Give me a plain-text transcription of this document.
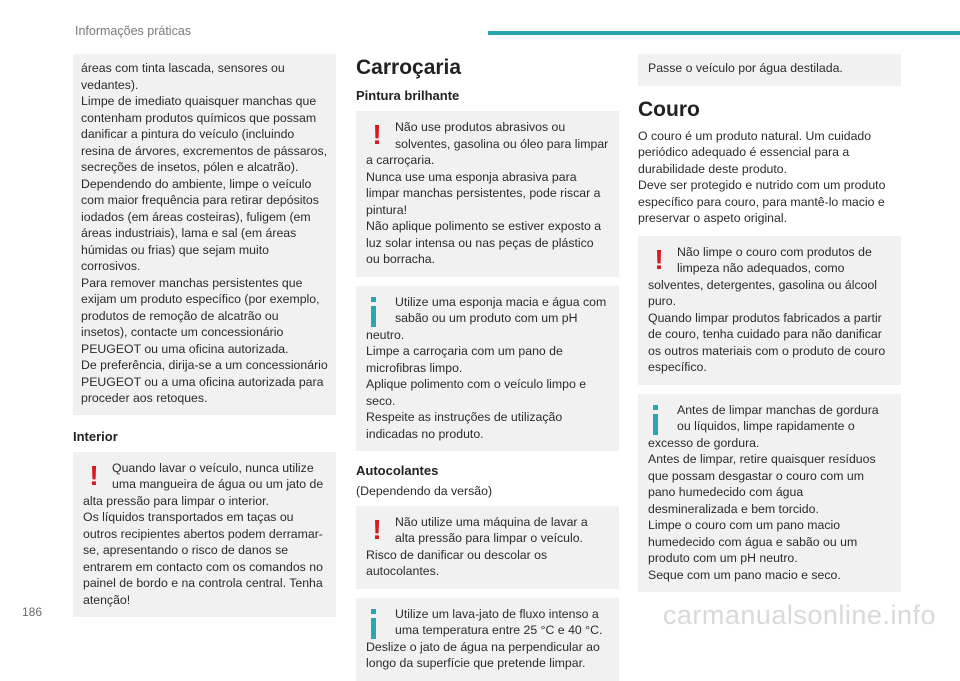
Informações práticas

áreas com tinta lascada, sensores ou vedantes).

Limpe de imediato quaisquer manchas que contenham produtos químicos que possam danificar a pintura do veículo (incluindo resina de árvores, excrementos de pássaros, secreções de insetos, pólen e alcatrão).

Dependendo do ambiente, limpe o veículo com maior frequência para retirar depósitos iodados (em áreas costeiras), fuligem (em áreas industriais), lama e sal (em áreas húmidas ou frias) que sejam muito corrosivos.

Para remover manchas persistentes que exijam um produto específico (por exemplo, produtos de remoção de alcatrão ou insetos), contacte um concessionário PEUGEOT ou uma oficina autorizada.

De preferência, dirija-se a um concessionário PEUGEOT ou a uma oficina autorizada para proceder aos retoques.

Interior
!	Quando lavar o veículo, nunca utilize uma mangueira de água ou um jato de alta pressão para limpar o interior.

Os líquidos transportados em taças ou outros recipientes abertos podem derramar-se, apresentando o risco de danos se entrarem em contacto com os comandos no painel de bordo e na controla central. Tenha atenção!

Carroçaria
Pintura brilhante
!	Não use produtos abrasivos ou solventes, gasolina ou óleo para limpar a carroçaria.

Nunca use uma esponja abrasiva para limpar manchas persistentes, pode riscar a pintura!

Não aplique polimento se estiver exposto a luz solar intensa ou nas peças de plástico ou borracha.

Utilize uma esponja macia e água com sabão ou um produto com um pH neutro.

Limpe a carroçaria com um pano de microfibras limpo.

Aplique polimento com o veículo limpo e seco.

Respeite as instruções de utilização indicadas no produto.

Autocolantes

(Dependendo da versão)

!	Não utilize uma máquina de lavar a alta pressão para limpar o veículo. Risco de danificar ou descolar os autocolantes.

Utilize um lava-jato de fluxo intenso a uma temperatura entre 25 °C e 40 °C.

Deslize o jato de água na perpendicular ao longo da superfície que pretende limpar.

Passe o veículo por água destilada.

Couro

O couro é um produto natural. Um cuidado periódico adequado é essencial para a durabilidade deste produto.

Deve ser protegido e nutrido com um produto específico para couro, para mantê-lo macio e preservar o aspeto original.

!	Não limpe o couro com produtos de limpeza não adequados, como solventes, detergentes, gasolina ou álcool puro.

Quando limpar produtos fabricados a partir de couro, tenha cuidado para não danificar os outros materiais com o produto de couro específico.

Antes de limpar manchas de gordura ou líquidos, limpe rapidamente o excesso de gordura.

Antes de limpar, retire quaisquer resíduos que possam desgastar o couro com um pano humedecido com água desmineralizada e bem torcido.

Limpe o couro com um pano macio humedecido com água e sabão ou um produto com um pH neutro.

Seque com um pano macio e seco.

186	carmanualsonline.info
